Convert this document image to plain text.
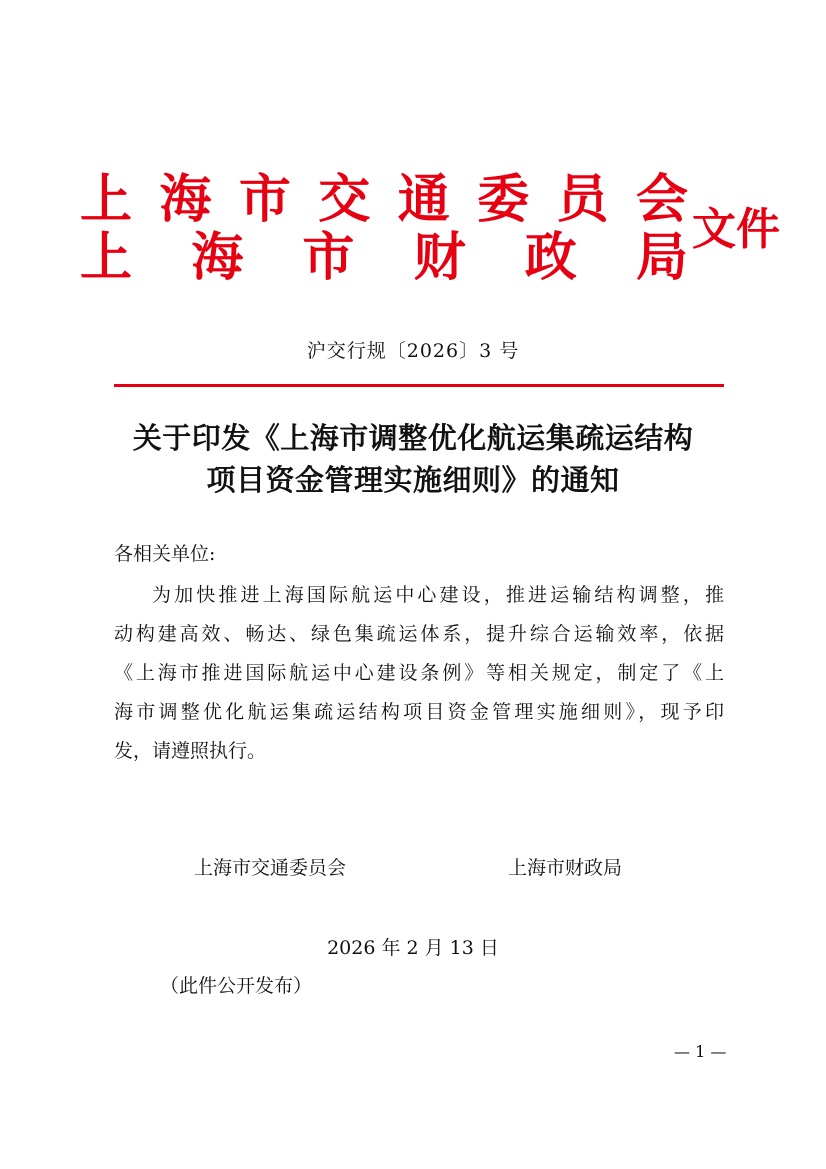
上 海 市 交 通 委 员 会
上 海 市 财 政 局 文件
沪交行规〔2026〕3 号
关于印发《上海市调整优化航运集疏运结构
项目资金管理实施细则》的通知
各相关单位:
为加快推进上海国际航运中心建设，推进运输结构调整，推
动构建高效、畅达、绿色集疏运体系，提升综合运输效率，依据
《上海市推进国际航运中心建设条例》等相关规定，制定了《上
海市调整优化航运集疏运结构项目资金管理实施细则》，现予印
发，请遵照执行。
上海市交通委员会	上海市财政局
2026 年 2 月 13 日
（此件公开发布）
— 1 —
